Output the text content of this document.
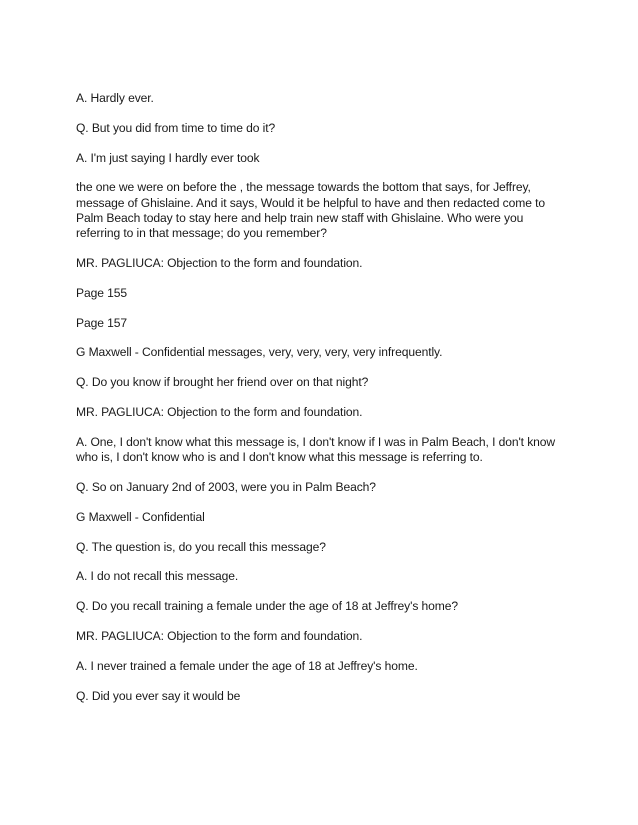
A. Hardly ever.

Q. But you did from time to time do it?

A. I'm just saying I hardly ever took

the one we were on before the , the message towards the bottom that says, for Jeffrey, message of Ghislaine. And it says, Would it be helpful to have and then redacted come to Palm Beach today to stay here and help train new staff with Ghislaine. Who were you referring to in that message; do you remember?

MR. PAGLIUCA: Objection to the form and foundation.

Page 155

Page 157

G Maxwell - Confidential messages, very, very, very, very infrequently.

Q. Do you know if brought her friend over on that night?

MR. PAGLIUCA: Objection to the form and foundation.

A. One, I don't know what this message is, I don't know if I was in Palm Beach, I don't know who is, I don't know who is and I don't know what this message is referring to.

Q. So on January 2nd of 2003, were you in Palm Beach?

G Maxwell - Confidential

Q. The question is, do you recall this message?

A. I do not recall this message.

Q. Do you recall training a female under the age of 18 at Jeffrey's home?

MR. PAGLIUCA: Objection to the form and foundation.

A. I never trained a female under the age of 18 at Jeffrey's home.

Q. Did you ever say it would be
